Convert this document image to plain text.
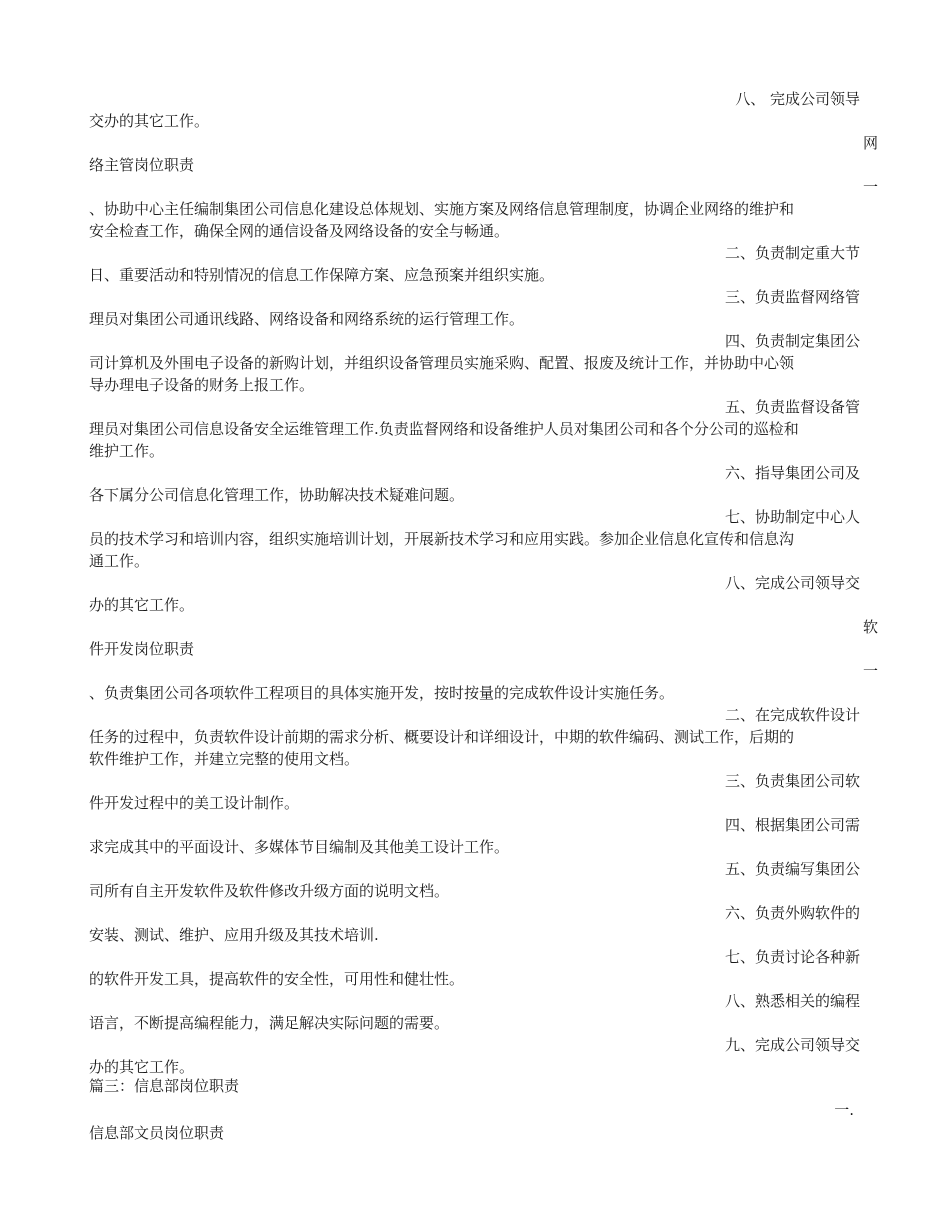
八、 完成公司领导
交办的其它工作。
网
络主管岗位职责
一
、协助中心主任编制集团公司信息化建设总体规划、实施方案及网络信息管理制度，协调企业网络的维护和
安全检查工作，确保全网的通信设备及网络设备的安全与畅通。
二、负责制定重大节
日、重要活动和特别情况的信息工作保障方案、应急预案并组织实施。
三、负责监督网络管
理员对集团公司通讯线路、网络设备和网络系统的运行管理工作。
四、负责制定集团公
司计算机及外围电子设备的新购计划，并组织设备管理员实施采购、配置、报废及统计工作，并协助中心领
导办理电子设备的财务上报工作。
五、负责监督设备管
理员对集团公司信息设备安全运维管理工作.负责监督网络和设备维护人员对集团公司和各个分公司的巡检和
维护工作。
六、指导集团公司及
各下属分公司信息化管理工作，协助解决技术疑难问题。
七、协助制定中心人
员的技术学习和培训内容，组织实施培训计划，开展新技术学习和应用实践。参加企业信息化宣传和信息沟
通工作。
八、完成公司领导交
办的其它工作。
软
件开发岗位职责
一
、负责集团公司各项软件工程项目的具体实施开发，按时按量的完成软件设计实施任务。
二、在完成软件设计
任务的过程中，负责软件设计前期的需求分析、概要设计和详细设计，中期的软件编码、测试工作，后期的
软件维护工作，并建立完整的使用文档。
三、负责集团公司软
件开发过程中的美工设计制作。
四、根据集团公司需
求完成其中的平面设计、多媒体节目编制及其他美工设计工作。
五、负责编写集团公
司所有自主开发软件及软件修改升级方面的说明文档。
六、负责外购软件的
安装、测试、维护、应用升级及其技术培训.
七、负责讨论各种新
的软件开发工具，提高软件的安全性，可用性和健壮性。
八、熟悉相关的编程
语言，不断提高编程能力，满足解决实际问题的需要。
九、完成公司领导交
办的其它工作。
篇三：信息部岗位职责
一.
信息部文员岗位职责
